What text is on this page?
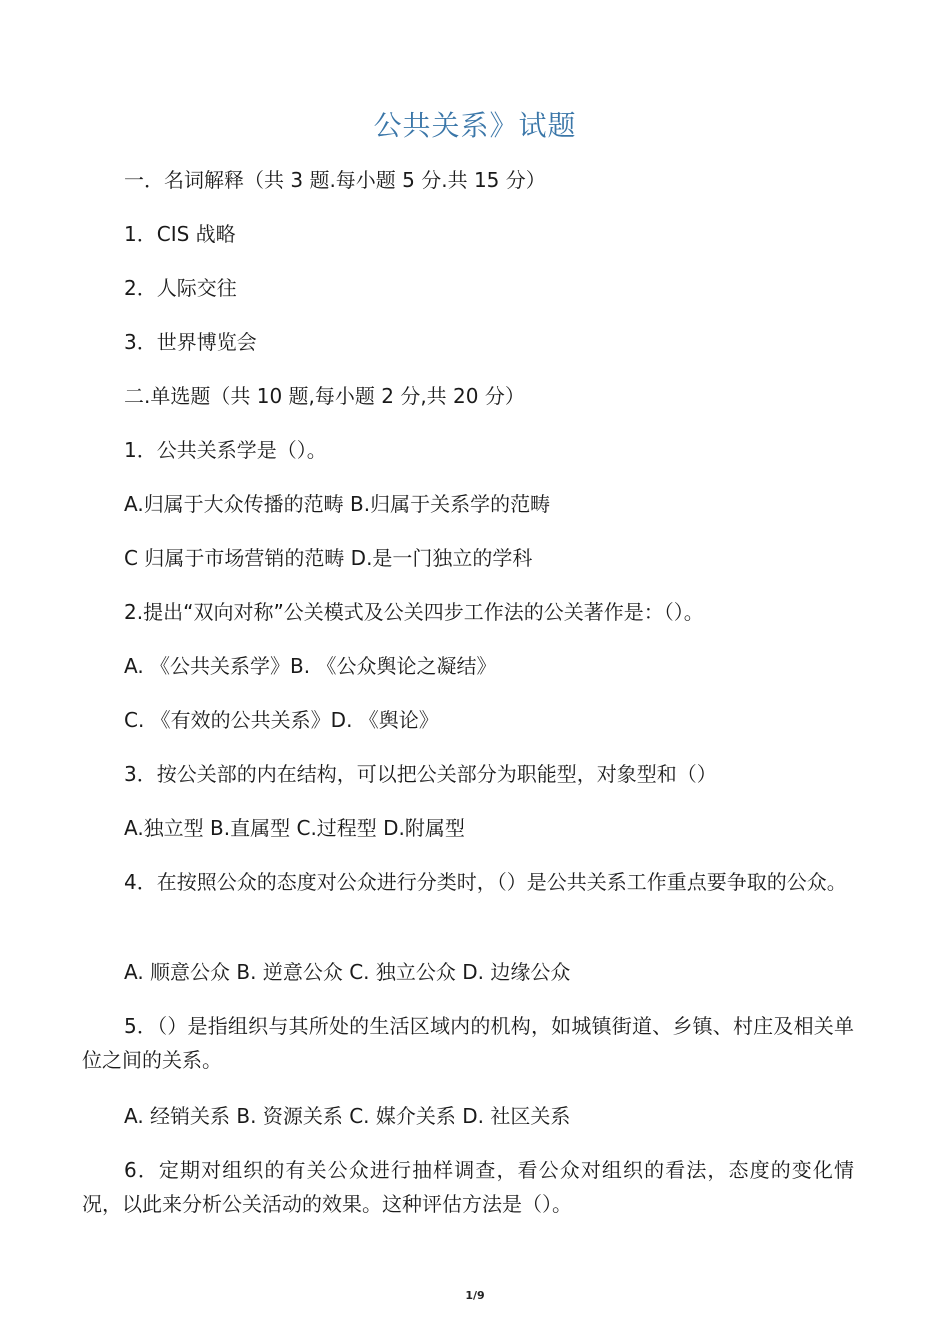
公共关系》试题
一．名词解释（共 3 题.每小题 5 分.共 15 分）
1．CIS 战略
2．人际交往
3．世界博览会
二.单选题（共 10 题,每小题 2 分,共 20 分）
1．公共关系学是（）。
A.归属于大众传播的范畴 B.归属于关系学的范畴
C 归属于市场营销的范畴 D.是一门独立的学科
2.提出“双向对称”公关模式及公关四步工作法的公关著作是：（）。
A. 《公共关系学》B. 《公众舆论之凝结》
C. 《有效的公共关系》D. 《舆论》
3．按公关部的内在结构，可以把公关部分为职能型，对象型和（）
A.独立型 B.直属型 C.过程型 D.附属型
4．在按照公众的态度对公众进行分类时，（）是公共关系工作重点要争取的公众。
A. 顺意公众 B. 逆意公众 C. 独立公众 D. 边缘公众
5．（）是指组织与其所处的生活区域内的机构，如城镇街道、乡镇、村庄及相关单位之间的关系。
A. 经销关系 B. 资源关系 C. 媒介关系 D. 社区关系
6．定期对组织的有关公众进行抽样调查，看公众对组织的看法，态度的变化情况，以此来分析公关活动的效果。这种评估方法是（）。
1/9
